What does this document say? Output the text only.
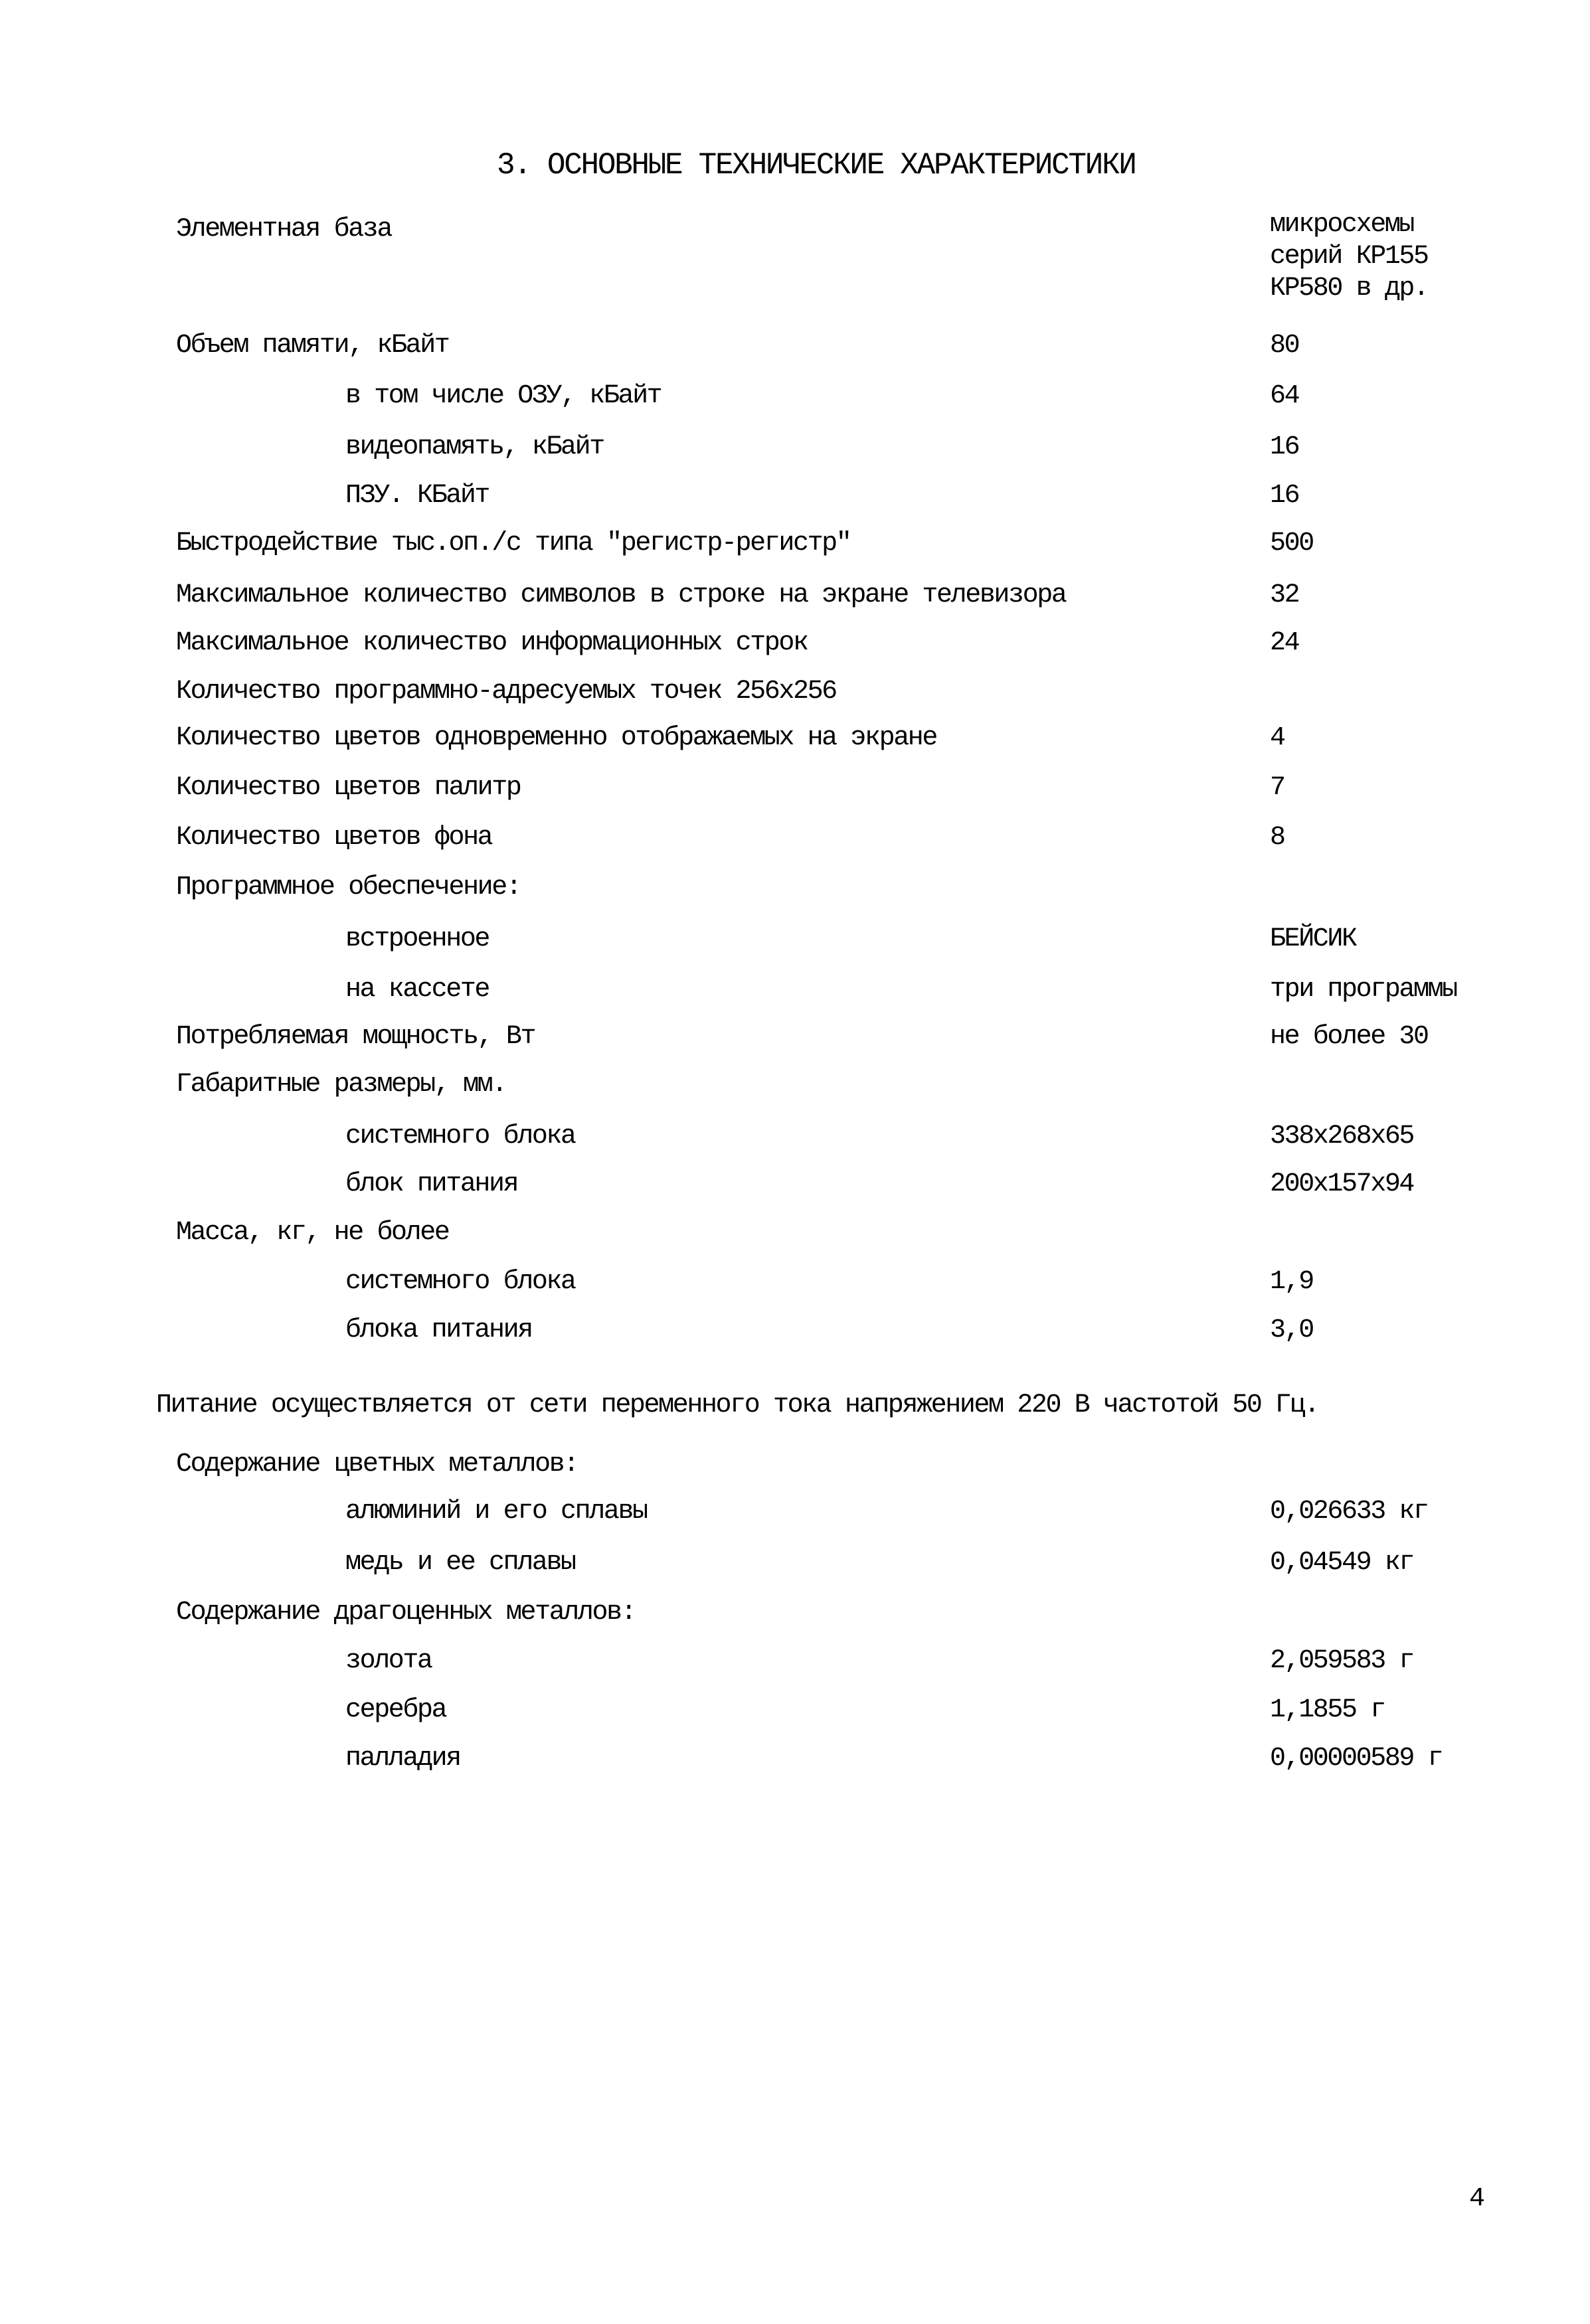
3. ОСНОВНЫЕ ТЕХНИЧЕСКИЕ ХАРАКТЕРИСТИКИ
Элементная база	микросхемы
серий КР155
КР580 в др.
Объем памяти, кБайт	80
в том числе ОЗУ, кБайт	64
видеопамять, кБайт	16
ПЗУ. КБайт	16
Быстродействие тыс.оп./с типа "регистр-регистр"	500
Максимальное количество символов в строке на экране телевизора	32
Максимальное количество информационных строк	24
Количество программно-адресуемых точек 256x256
Количество цветов одновременно отображаемых на экране	4
Количество цветов палитр	7
Количество цветов фона	8
Программное обеспечение:
встроенное	БЕЙСИК
на кассете	три программы
Потребляемая мощность, Вт	не более 30
Габаритные размеры, мм.
системного блока	338x268x65
блок питания	200x157x94
Масса, кг, не более
системного блока	1,9
блока питания	3,0
Питание осуществляется от сети переменного тока напряжением 220 В частотой 50 Гц.
Содержание цветных металлов:
алюминий и его сплавы	0,026633 кг
медь и ее сплавы	0,04549 кг
Содержание драгоценных металлов:
золота	2,059583 г
серебра	1,1855 г
палладия	0,00000589 г
4
